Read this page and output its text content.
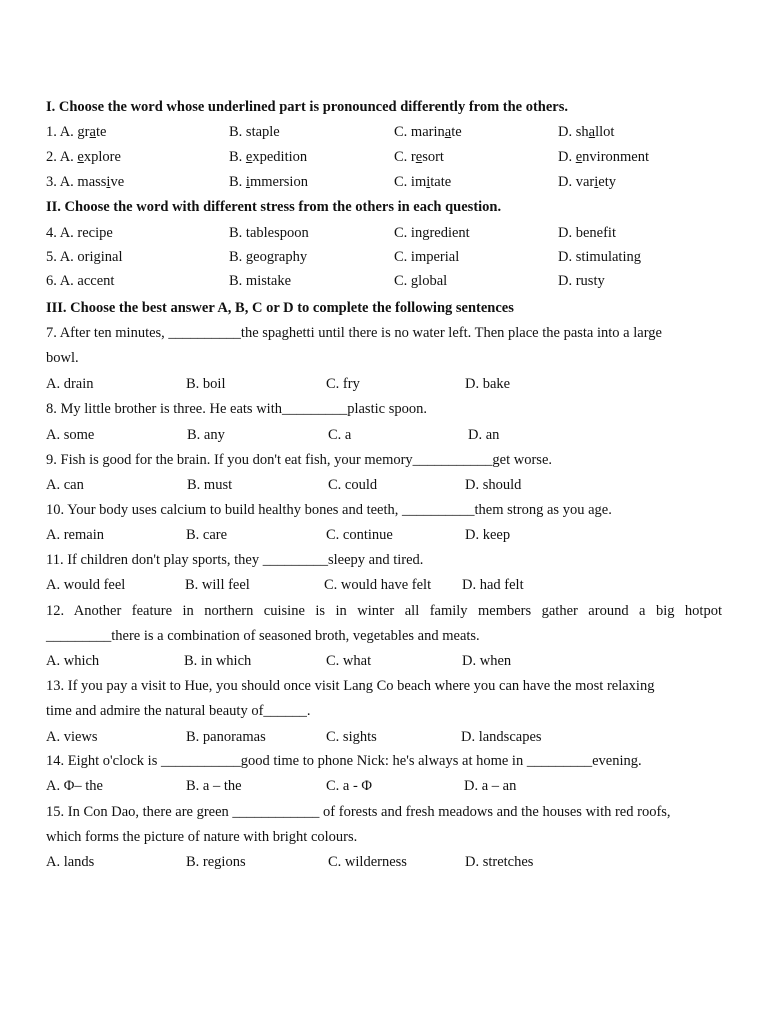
I. Choose the word whose underlined part is pronounced differently from the others.
1. A. grate	B. staple	C. marinate	D. shallot
2. A. explore	B. expedition	C. resort	D. environment
3. A. massive	B. immersion	C. imitate	D. variety
II. Choose the word with different stress from the others in each question.
4. A. recipe	B. tablespoon	C. ingredient	D. benefit
5. A. original	B. geography	C. imperial	D. stimulating
6. A. accent	B. mistake	C. global	D. rusty
III. Choose the best answer A, B, C or D to complete the following sentences
7. After ten minutes, __________the spaghetti until there is no water left. Then place the pasta into a large
bowl.
A. drain	B. boil	C. fry	D. bake
8. My little brother is three. He eats with_________plastic spoon.
A. some	B. any	C. a	D. an
9. Fish is good for the brain. If you don't eat fish, your memory___________get worse.
A. can	B. must	C. could	D. should
10. Your body uses calcium to build healthy bones and teeth, __________them strong as you age.
A. remain	B. care	C. continue	D. keep
11. If children don't play sports, they _________sleepy and tired.
A. would feel	B. will feel	C. would have felt D. had felt
12. Another feature in northern cuisine is in winter all family members gather around a big hotpot
_________there is a combination of seasoned broth, vegetables and meats.
A. which	B. in which	C. what	D. when
13. If you pay a visit to Hue, you should once visit Lang Co beach where you can have the most relaxing
time and admire the natural beauty of______.
A. views	B. panoramas	C. sights	D. landscapes
14. Eight o'clock is ___________good time to phone Nick: he's always at home in _________evening.
A. Φ– the	B. a – the	C. a - Φ	D. a – an
15. In Con Dao, there are green ____________ of forests and fresh meadows and the houses with red roofs,
which forms the picture of nature with bright colours.
A. lands	B. regions	C. wilderness	D. stretches
